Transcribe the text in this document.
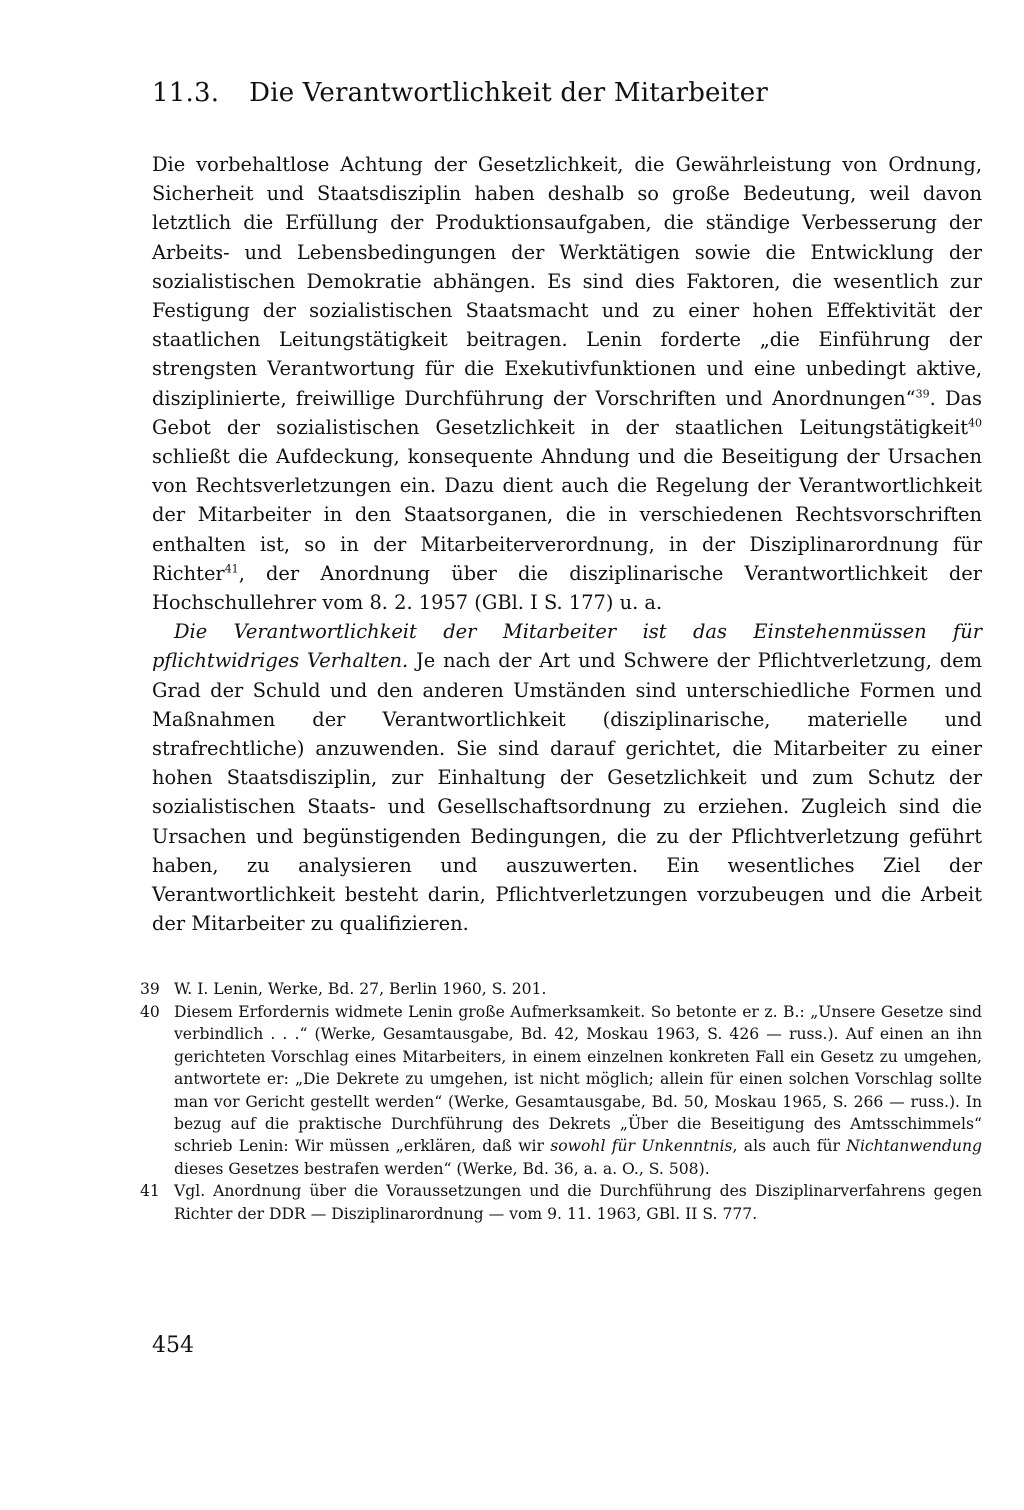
11.3. Die Verantwortlichkeit der Mitarbeiter

Die vorbehaltlose Achtung der Gesetzlichkeit, die Gewährleistung von Ordnung, Sicherheit und Staatsdisziplin haben deshalb so große Bedeutung, weil davon letztlich die Erfüllung der Produktionsaufgaben, die ständige Verbesserung der Arbeits- und Lebensbedingungen der Werktätigen sowie die Entwicklung der sozialistischen Demokratie abhängen. Es sind dies Faktoren, die wesentlich zur Festigung der sozialistischen Staatsmacht und zu einer hohen Effektivität der staatlichen Leitungstätigkeit beitragen. Lenin forderte „die Einführung der strengsten Verantwortung für die Exekutivfunktionen und eine unbedingt aktive, disziplinierte, freiwillige Durchführung der Vorschriften und Anordnungen“$^{39}$. Das Gebot der sozialistischen Gesetzlichkeit in der staatlichen Leitungstätigkeit$^{40}$ schließt die Aufdeckung, konsequente Ahndung und die Beseitigung der Ursachen von Rechtsverletzungen ein. Dazu dient auch die Regelung der Verantwortlichkeit der Mitarbeiter in den Staatsorganen, die in verschiedenen Rechtsvorschriften enthalten ist, so in der Mitarbeiterverordnung, in der Disziplinarordnung für Richter$^{41}$, der Anordnung über die disziplinarische Verantwortlichkeit der Hochschullehrer vom 8. 2. 1957 (GBl. I S. 177) u. a.

Die Verantwortlichkeit der Mitarbeiter ist das Einstehenmüssen für pflichtwidriges Verhalten. Je nach der Art und Schwere der Pflichtverletzung, dem Grad der Schuld und den anderen Umständen sind unterschiedliche Formen und Maßnahmen der Verantwortlichkeit (disziplinarische, materielle und strafrechtliche) anzuwenden. Sie sind darauf gerichtet, die Mitarbeiter zu einer hohen Staatsdisziplin, zur Einhaltung der Gesetzlichkeit und zum Schutz der sozialistischen Staats- und Gesellschaftsordnung zu erziehen. Zugleich sind die Ursachen und begünstigenden Bedingungen, die zu der Pflichtverletzung geführt haben, zu analysieren und auszuwerten. Ein wesentliches Ziel der Verantwortlichkeit besteht darin, Pflichtverletzungen vorzubeugen und die Arbeit der Mitarbeiter zu qualifizieren.

39 W. I. Lenin, Werke, Bd. 27, Berlin 1960, S. 201.
40 Diesem Erfordernis widmete Lenin große Aufmerksamkeit. So betonte er z. B.: „Unsere Gesetze sind verbindlich . . .“ (Werke, Gesamtausgabe, Bd. 42, Moskau 1963, S. 426 — russ.). Auf einen an ihn gerichteten Vorschlag eines Mitarbeiters, in einem einzelnen konkreten Fall ein Gesetz zu umgehen, antwortete er: „Die Dekrete zu umgehen, ist nicht möglich; allein für einen solchen Vorschlag sollte man vor Gericht gestellt werden“ (Werke, Gesamtausgabe, Bd. 50, Moskau 1965, S. 266 — russ.). In bezug auf die praktische Durchführung des Dekrets „Über die Beseitigung des Amtsschimmels“ schrieb Lenin: Wir müssen „erklären, daß wir sowohl für Unkenntnis, als auch für Nichtanwendung dieses Gesetzes bestrafen werden“ (Werke, Bd. 36, a. a. O., S. 508).
41 Vgl. Anordnung über die Voraussetzungen und die Durchführung des Disziplinarverfahrens gegen Richter der DDR — Disziplinarordnung — vom 9. 11. 1963, GBl. II S. 777.
454
